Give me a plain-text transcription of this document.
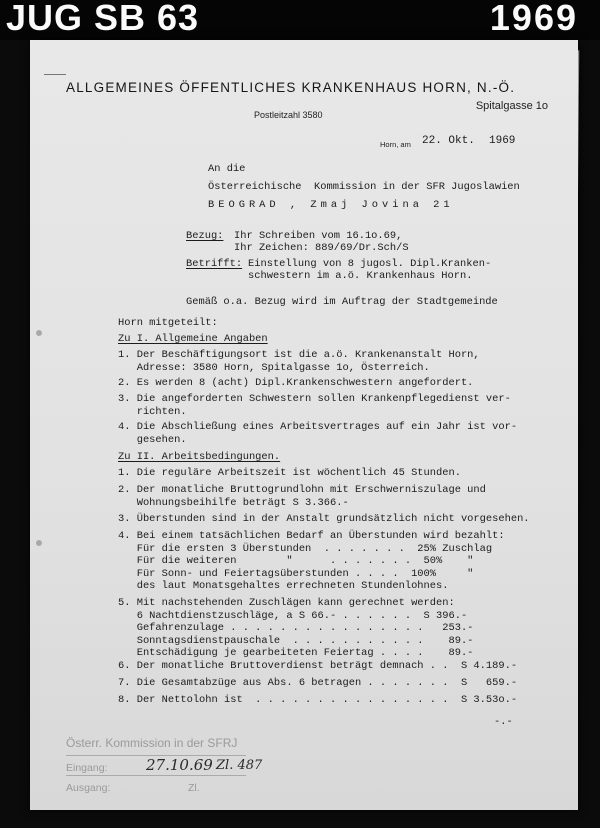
JUG SB 63	1969
ALLGEMEINES ÖFFENTLICHES KRANKENHAUS HORN, N.-Ö.
Postleitzahl 3580
Spitalgasse 1o
Horn, am 22. Okt. 1969
An die
Österreichische  Kommission in der SFR Jugoslawien
BEOGRAD , Zmaj Jovina 21
Bezug: Ihr Schreiben vom 16.1o.69,
Ihr Zeichen: 889/69/Dr.Sch/S
Betrifft: Einstellung von 8 jugosl. Dipl.Kranken-
schwestern im a.ö. Krankenhaus Horn.
Gemäß o.a. Bezug wird im Auftrag der Stadtgemeinde
Horn mitgeteilt:
Zu I. Allgemeine Angaben
1. Der Beschäftigungsort ist die a.ö. Krankenanstalt Horn,
Adresse: 3580 Horn, Spitalgasse 1o, Österreich.
2. Es werden 8 (acht) Dipl.Krankenschwestern angefordert.
3. Die angeforderten Schwestern sollen Krankenpflegedienst ver-
richten.
4. Die Abschließung eines Arbeitsvertrages auf ein Jahr ist vor-
gesehen.
Zu II. Arbeitsbedingungen.
1. Die reguläre Arbeitszeit ist wöchentlich 45 Stunden.
2. Der monatliche Bruttogrundlohn mit Erschwerniszulage und
Wohnungsbeihilfe beträgt S 3.366.-
3. Überstunden sind in der Anstalt grundsätzlich nicht vorgesehen.
4. Bei einem tatsächlichen Bedarf an Überstunden wird bezahlt:
Für die ersten 3 Überstunden  . . . . . . .  25% Zuschlag
Für die weiteren        "      . . . . . . .  50%    "
Für Sonn- und Feiertagsüberstunden . . . .  100%     "
des laut Monatsgehaltes errechneten Stundenlohnes.
5. Mit nachstehenden Zuschlägen kann gerechnet werden:
6 Nachtdienstzuschläge, a S 66.- . . . . . .  S 396.-
Gefahrenzulage . . . . . . . . . . . . . . . .   253.-
Sonntagsdienstpauschale  . . . . . . . . . . .    89.-
Entschädigung je gearbeiteten Feiertag . . . .    89.-
6. Der monatliche Bruttoverdienst beträgt demnach . .  S 4.189.-
7. Die Gesamtabzüge aus Abs. 6 betragen . . . . . . .  S   659.-
8. Der Nettolohn ist  . . . . . . . . . . . . . . . .  S 3.53o.-
-.-
Österr. Kommission in der SFRJ
Eingang:
Ausgang:	Zl.
27.10.69 Zl. 487
